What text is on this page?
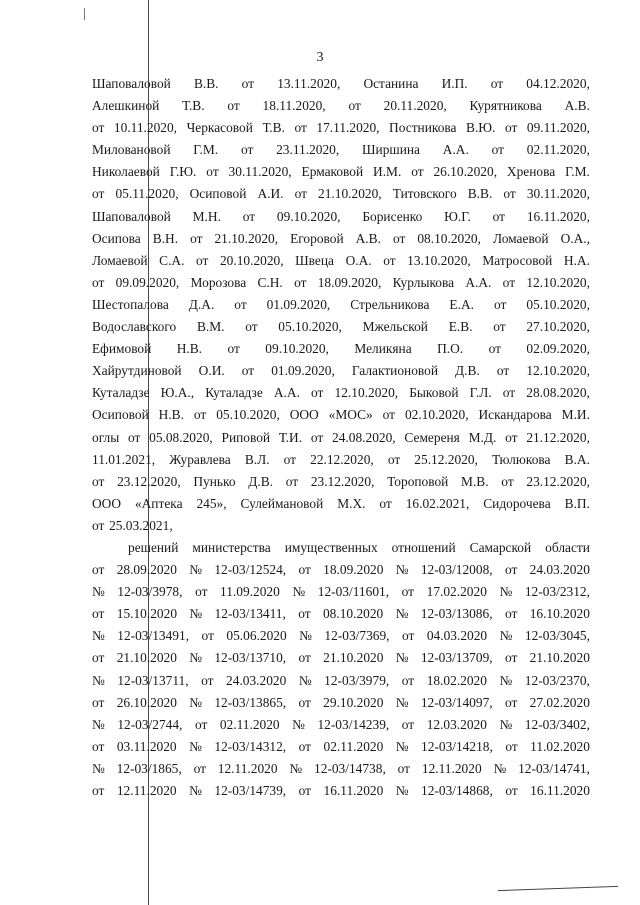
3
Шаповаловой В.В. от 13.11.2020, Останина И.П. от 04.12.2020,
Алешкиной Т.В. от 18.11.2020, от 20.11.2020, Курятникова А.В.
от 10.11.2020, Черкасовой Т.В. от 17.11.2020, Постникова В.Ю. от 09.11.2020,
Миловановой Г.М. от 23.11.2020, Ширшина А.А. от 02.11.2020,
Николаевой Г.Ю. от 30.11.2020, Ермаковой И.М. от 26.10.2020, Хренова Г.М.
от 05.11.2020, Осиповой А.И. от 21.10.2020, Титовского В.В. от 30.11.2020,
Шаповаловой М.Н. от 09.10.2020, Борисенко Ю.Г. от 16.11.2020,
Осипова В.Н. от 21.10.2020, Егоровой А.В. от 08.10.2020, Ломаевой О.А.,
Ломаевой С.А. от 20.10.2020, Швеца О.А. от 13.10.2020, Матросовой Н.А.
от 09.09.2020, Морозова С.Н. от 18.09.2020, Курлыкова А.А. от 12.10.2020,
Шестопалова Д.А. от 01.09.2020, Стрельникова Е.А. от 05.10.2020,
Водославского В.М. от 05.10.2020, Мжельской Е.В. от 27.10.2020,
Ефимовой Н.В. от 09.10.2020, Меликяна П.О. от 02.09.2020,
Хайрутдиновой О.И. от 01.09.2020, Галактионовой Д.В. от 12.10.2020,
Куталадзе Ю.А., Куталадзе А.А. от 12.10.2020, Быковой Г.Л. от 28.08.2020,
Осиповой Н.В. от 05.10.2020, ООО «МОС» от 02.10.2020, Искандарова М.И.
оглы от 05.08.2020, Риповой Т.И. от 24.08.2020, Семереня М.Д. от 21.12.2020,
11.01.2021, Журавлева В.Л. от 22.12.2020, от 25.12.2020, Тюлюкова В.А.
от 23.12.2020, Пунько Д.В. от 23.12.2020, Тороповой М.В. от 23.12.2020,
ООО «Аптека 245», Сулеймановой М.Х. от 16.02.2021, Сидорочева В.П.
от 25.03.2021,
решений министерства имущественных отношений Самарской области
от 28.09.2020 № 12-03/12524, от 18.09.2020 № 12-03/12008, от 24.03.2020
№ 12-03/3978, от 11.09.2020 № 12-03/11601, от 17.02.2020 № 12-03/2312,
от 15.10.2020 № 12-03/13411, от 08.10.2020 № 12-03/13086, от 16.10.2020
№ 12-03/13491, от 05.06.2020 № 12-03/7369, от 04.03.2020 № 12-03/3045,
от 21.10.2020 № 12-03/13710, от 21.10.2020 № 12-03/13709, от 21.10.2020
№ 12-03/13711, от 24.03.2020 № 12-03/3979, от 18.02.2020 № 12-03/2370,
от 26.10.2020 № 12-03/13865, от 29.10.2020 № 12-03/14097, от 27.02.2020
№ 12-03/2744, от 02.11.2020 № 12-03/14239, от 12.03.2020 № 12-03/3402,
от 03.11.2020 № 12-03/14312, от 02.11.2020 № 12-03/14218, от 11.02.2020
№ 12-03/1865, от 12.11.2020 № 12-03/14738, от 12.11.2020 № 12-03/14741,
от 12.11.2020 № 12-03/14739, от 16.11.2020 № 12-03/14868, от 16.11.2020
